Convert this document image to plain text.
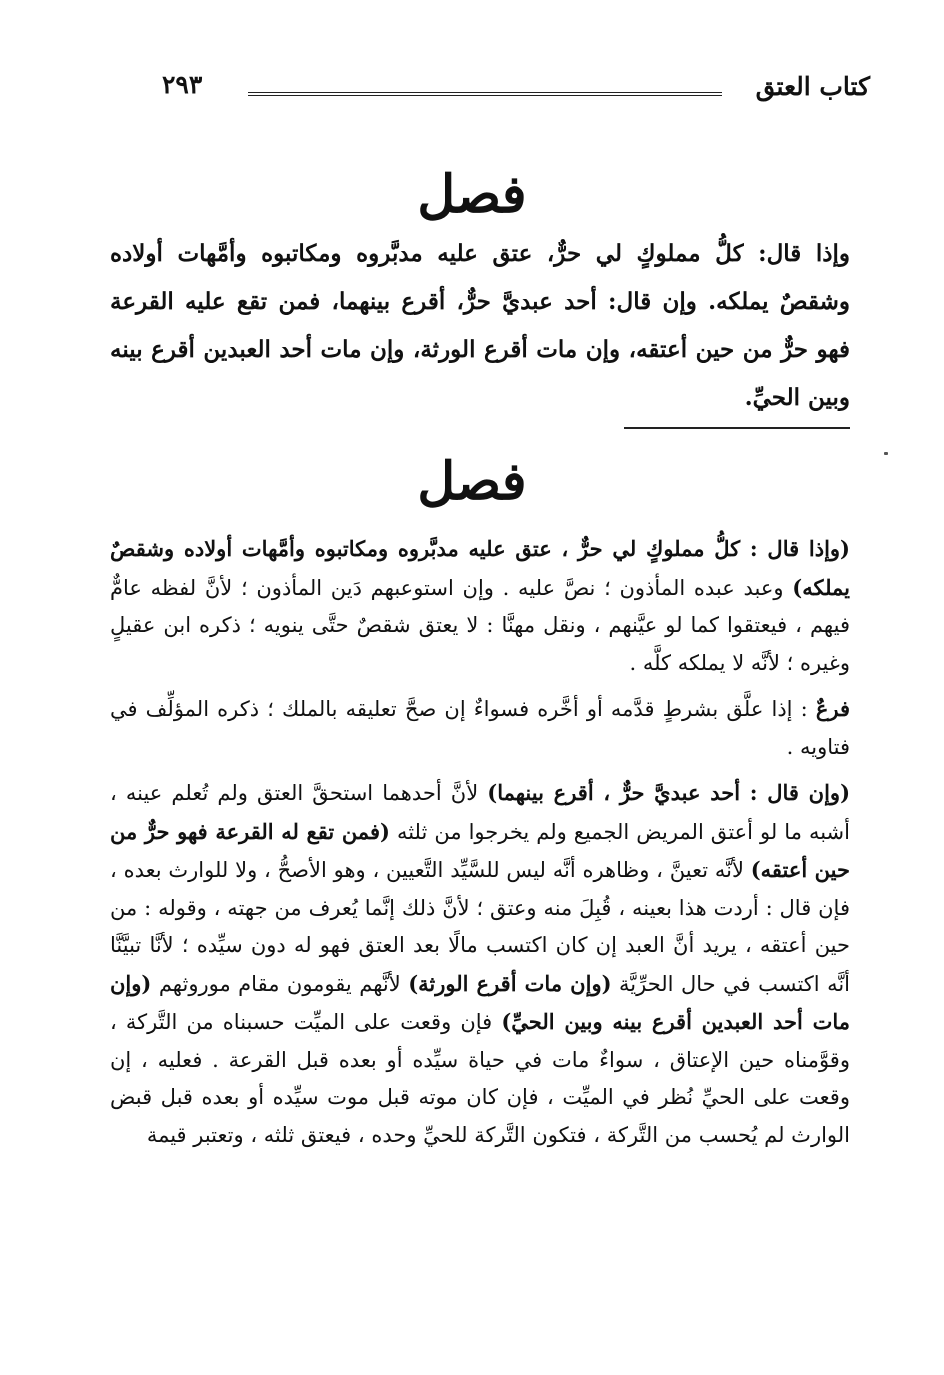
كتاب العتق
٢٩٣
فصل
وإذا قال: كلُّ مملوكٍ لي حرٌّ، عتق عليه مدبَّروه ومكاتبوه وأمَّهات أولاده وشقصٌ يملكه. وإن قال: أحد عبديَّ حرٌّ، أقرع بينهما، فمن تقع عليه القرعة فهو حرٌّ من حين أعتقه، وإن مات أقرع الورثة، وإن مات أحد العبدين أقرع بينه وبين الحيِّ.
فصل

(وإذا قال : كلُّ مملوكٍ لي حرٌّ ، عتق عليه مدبَّروه ومكاتبوه وأمَّهات أولاده وشقصٌ يملكه) وعبد عبده المأذون ؛ نصَّ عليه . وإن استوعبهم دَين المأذون ؛ لأنَّ لفظه عامٌّ فيهم ، فيعتقوا كما لو عيَّنهم ، ونقل مهنَّا : لا يعتق شقصٌ حتَّى ينويه ؛ ذكره ابن عقيلٍ وغيره ؛ لأنَّه لا يملكه كلَّه .

فرعٌ : إذا علَّق بشرطٍ قدَّمه أو أخَّره فسواءٌ إن صحَّ تعليقه بالملك ؛ ذكره المؤلِّف في فتاويه .

(وإن قال : أحد عبديَّ حرٌّ ، أقرع بينهما) لأنَّ أحدهما استحقَّ العتق ولم تُعلم عينه ، أشبه ما لو أعتق المريض الجميع ولم يخرجوا من ثلثه (فمن تقع له القرعة فهو حرٌّ من حين أعتقه) لأنَّه تعينَّ ، وظاهره أنَّه ليس للسَّيِّد التَّعيين ، وهو الأصحُّ ، ولا للوارث بعده ، فإن قال : أردت هذا بعينه ، قُبِلَ منه وعتق ؛ لأنَّ ذلك إنَّما يُعرف من جهته ، وقوله : من حين أعتقه ، يريد أنَّ العبد إن كان اكتسب مالًا بعد العتق فهو له دون سيِّده ؛ لأنَّا تبيَّنَّا أنَّه اكتسب في حال الحرِّيَّة (وإن مات أقرع الورثة) لأنَّهم يقومون مقام موروثهم (وإن مات أحد العبدين أقرع بينه وبين الحيِّ) فإن وقعت على الميِّت حسبناه من التَّركة ، وقوَّمناه حين الإعتاق ، سواءٌ مات في حياة سيِّده أو بعده قبل القرعة . فعليه ، إن وقعت على الحيِّ نُظر في الميِّت ، فإن كان موته قبل موت سيِّده أو بعده قبل قبض الوارث لم يُحسب من التَّركة ، فتكون التَّركة للحيِّ وحده ، فيعتق ثلثه ، وتعتبر قيمة
